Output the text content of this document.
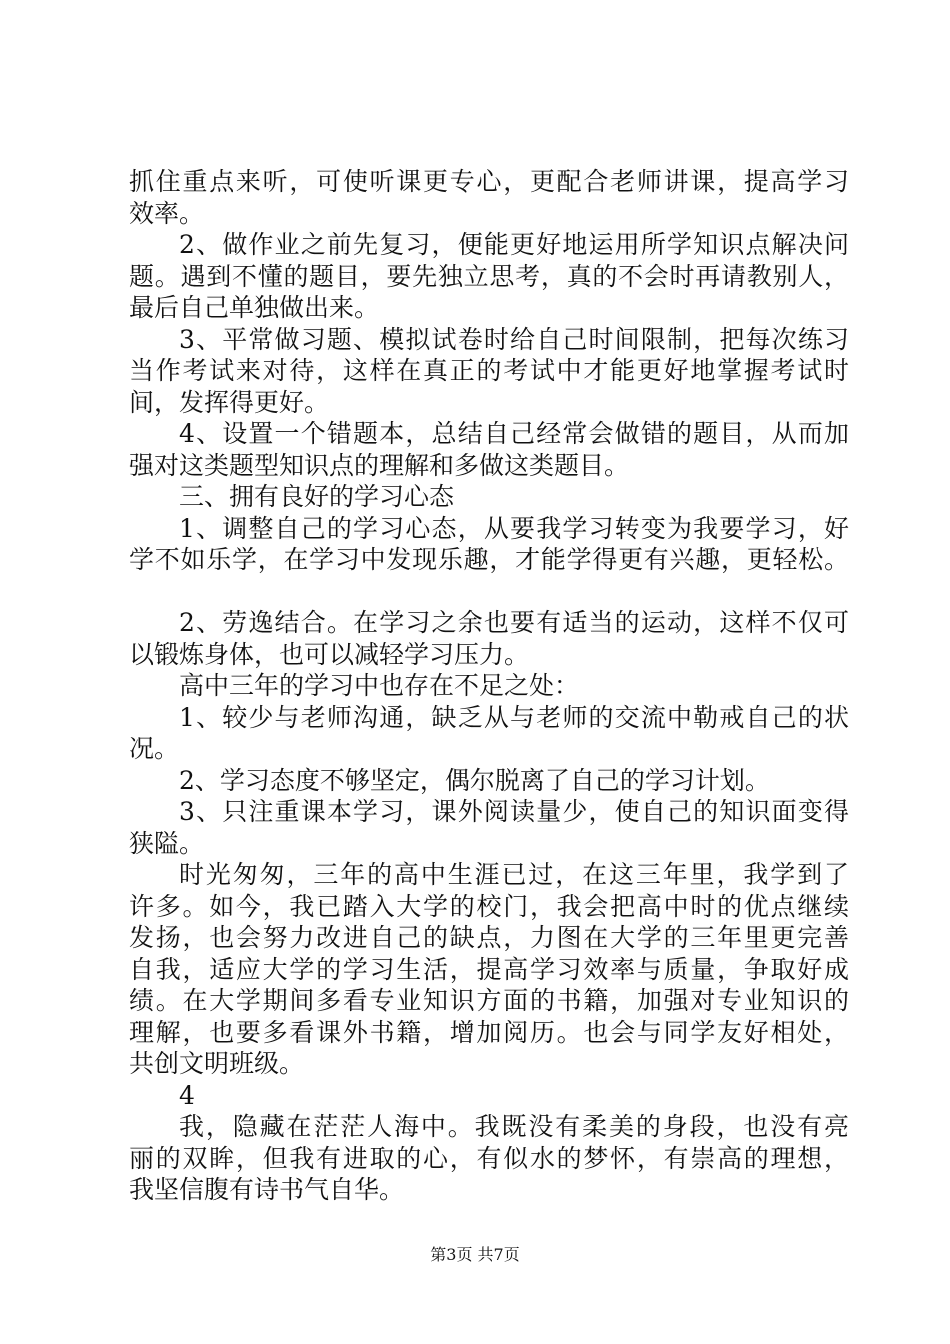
抓住重点来听，可使听课更专心，更配合老师讲课，提高学习
效率。
2、做作业之前先复习，便能更好地运用所学知识点解决问
题。遇到不懂的题目，要先独立思考，真的不会时再请教别人，
最后自己单独做出来。
3、平常做习题、模拟试卷时给自己时间限制，把每次练习
当作考试来对待，这样在真正的考试中才能更好地掌握考试时
间，发挥得更好。
4、设置一个错题本，总结自己经常会做错的题目，从而加
强对这类题型知识点的理解和多做这类题目。
三、拥有良好的学习心态
1、调整自己的学习心态，从要我学习转变为我要学习，好
学不如乐学，在学习中发现乐趣，才能学得更有兴趣，更轻松。
2、劳逸结合。在学习之余也要有适当的运动，这样不仅可
以锻炼身体，也可以减轻学习压力。
高中三年的学习中也存在不足之处：
1、较少与老师沟通，缺乏从与老师的交流中勒戒自己的状
况。
2、学习态度不够坚定，偶尔脱离了自己的学习计划。
3、只注重课本学习，课外阅读量少，使自己的知识面变得
狭隘。
时光匆匆，三年的高中生涯已过，在这三年里，我学到了
许多。如今，我已踏入大学的校门，我会把高中时的优点继续
发扬，也会努力改进自己的缺点，力图在大学的三年里更完善
自我，适应大学的学习生活，提高学习效率与质量，争取好成
绩。在大学期间多看专业知识方面的书籍，加强对专业知识的
理解，也要多看课外书籍，增加阅历。也会与同学友好相处，
共创文明班级。
4
我，隐藏在茫茫人海中。我既没有柔美的身段，也没有亮
丽的双眸，但我有进取的心，有似水的梦怀，有崇高的理想，
我坚信腹有诗书气自华。
第3页 共7页
